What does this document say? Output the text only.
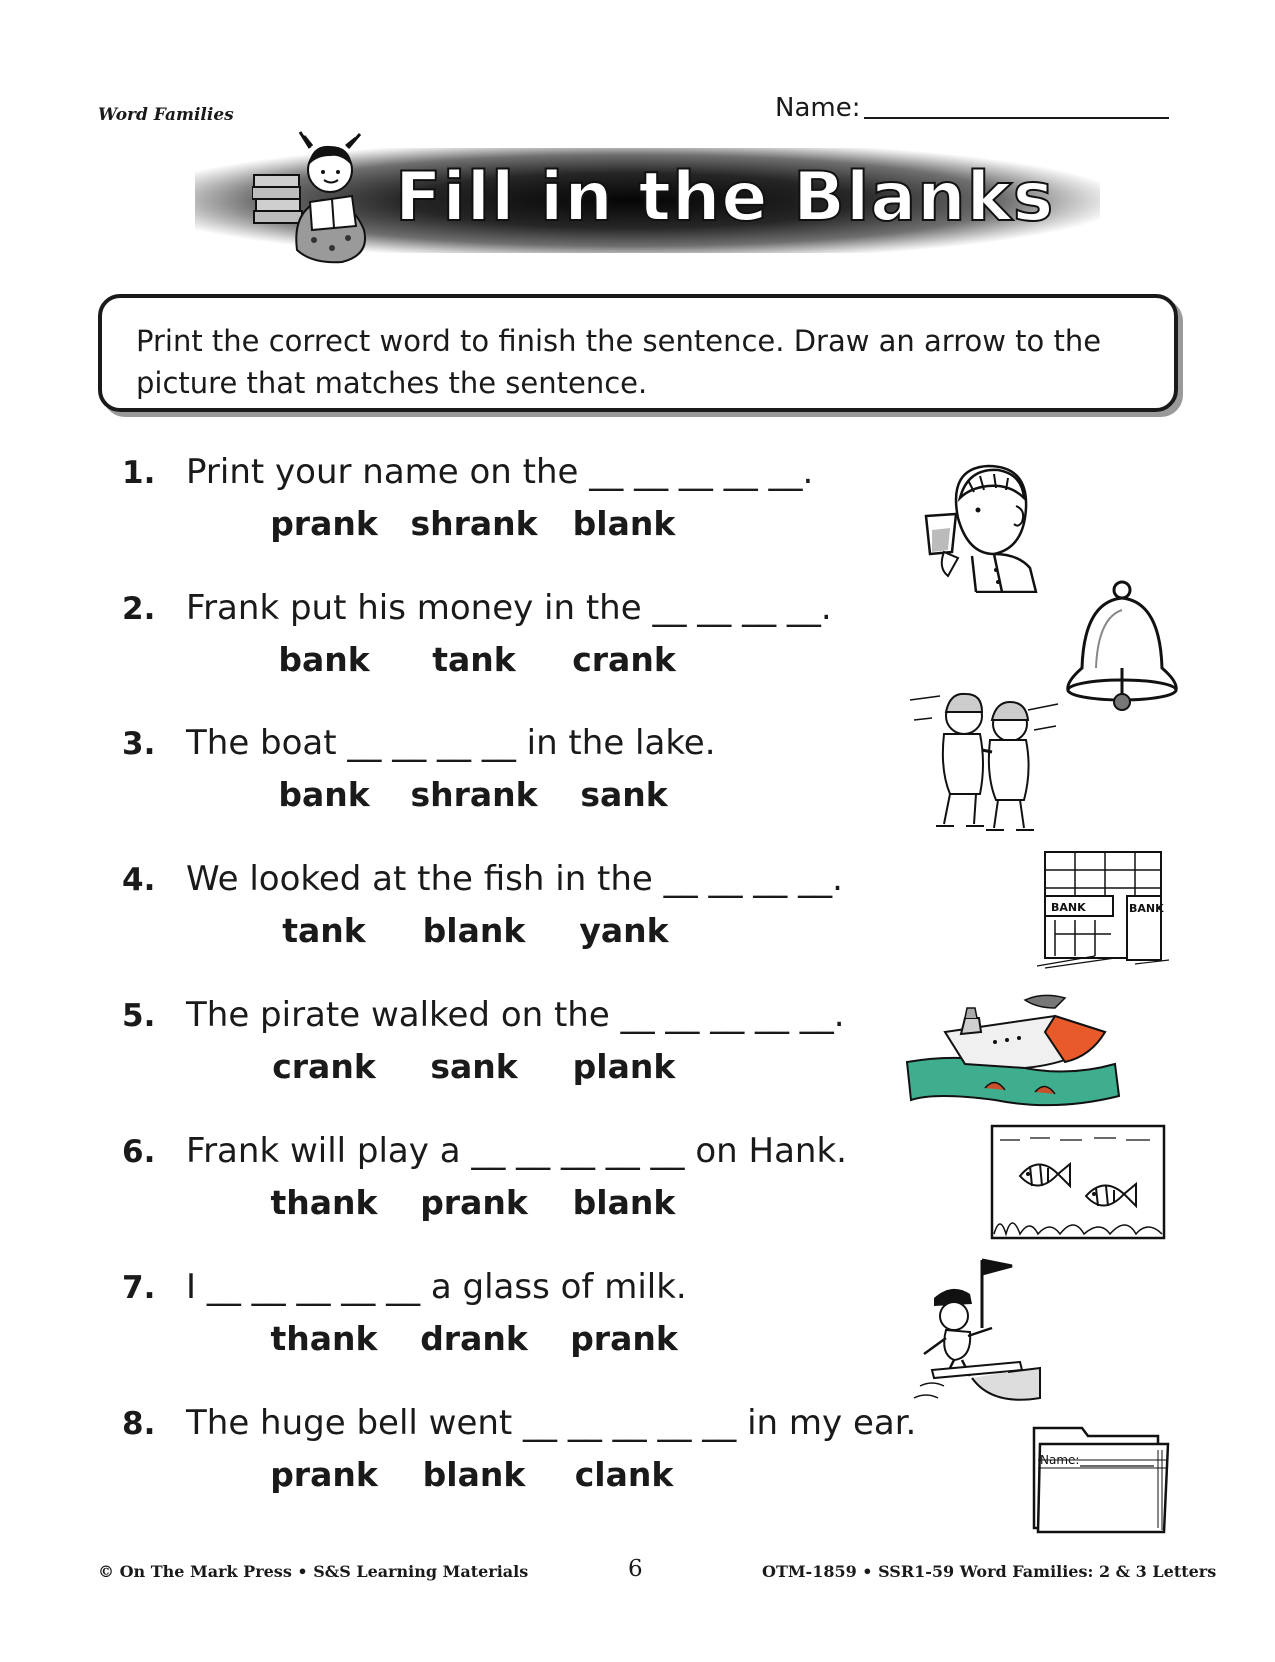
Word Families	Name:
Fill in the Blanks
Print the correct word to finish the sentence. Draw an arrow to the picture that matches the sentence.
1. Print your name on the __ __ __ __ __.
prank shrank	blank
2. Frank put his money in the __ __ __ __.
bank	tank	crank
3. The boat __ __ __ __ in the lake.
bank	shrank	sank
4. We looked at the fish in the __ __ __ __.
tank	blank	yank
5. The pirate walked on the __ __ __ __ __.
crank	sank	plank
6. Frank will play a __ __ __ __ __ on Hank.
thank	prank	blank
7. I __ __ __ __ __ a glass of milk.
thank	drank	prank
8. The huge bell went __ __ __ __ __ in my ear.
prank	blank	clank
BANK	BANK
Name:
© On The Mark Press • S&S Learning Materials	6	OTM-1859 • SSR1-59 Word Families: 2 & 3 Letters
